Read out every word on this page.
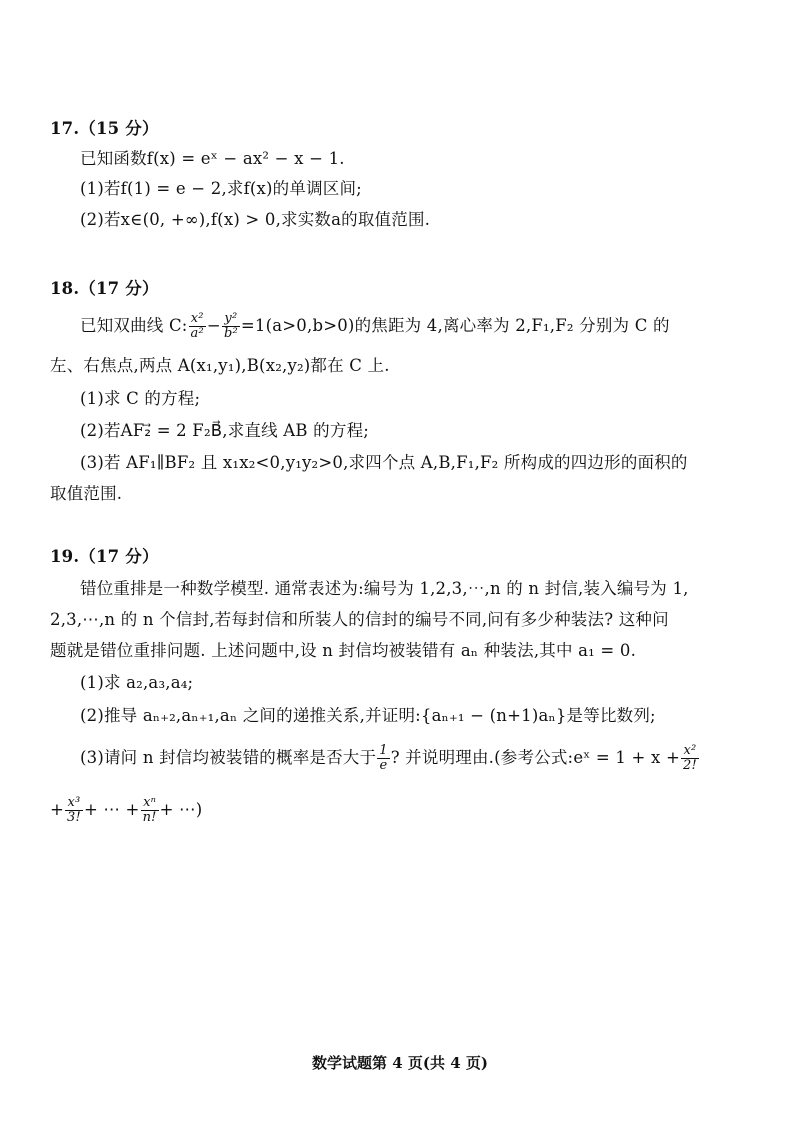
17.（15 分）
已知函数f(x) = eˣ − ax² − x − 1.
(1)若f(1) = e − 2,求f(x)的单调区间;
(2)若x∈(0, +∞),f(x) > 0,求实数a的取值范围.
18.（17 分）
已知双曲线 C: $\frac{\text{x²}}{\text{a²}} - \frac{\text{y²}}{\text{b²}} =1(a>0,b>0)$的焦距为 4,离心率为 2,F₁,F₂ 分别为 C 的
左、右焦点,两点 A(x₁,y₁),B(x₂,y₂)都在 C 上.
(1)求 C 的方程;
(2)若AF₂⃗ = 2 F₂B⃗,求直线 AB 的方程;
(3)若 AF₁∥BF₂ 且 x₁x₂<0,y₁y₂>0,求四个点 A,B,F₁,F₂ 所构成的四边形的面积的
取值范围.
19.（17 分）
错位重排是一种数学模型. 通常表述为:编号为 1,2,3,⋯,n 的 n 封信,装入编号为 1,
2,3,⋯,n 的 n 个信封,若每封信和所装人的信封的编号不同,问有多少种装法? 这种问
题就是错位重排问题. 上述问题中,设 n 封信均被装错有 aₙ 种装法,其中 a₁ = 0.
(1)求 a₂,a₃,a₄;
(2)推导 aₙ₊₂,aₙ₊₁,aₙ 之间的递推关系,并证明:{aₙ₊₁ − (n+1)aₙ}是等比数列;
(3)请问 n 封信均被装错的概率是否大于 $\frac{1}{e}$ ? 并说明理由.(参考公式:eˣ = $1 + x + \frac{\text{x²}}{2!}$
+ $\frac{\text{x³}}{3!}$ + ⋯ + $\frac{\text{xⁿ}}{n!}$ + ⋯)
数学试题第 4 页(共 4 页)
